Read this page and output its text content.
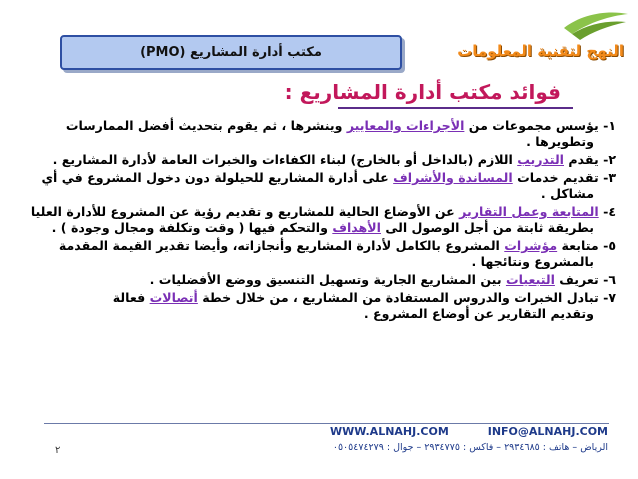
مكتب أدارة المشاريع (PMO)	النهج لتقنية المعلومات
فوائد مكتب أدارة المشاريع :
١- يؤسس مجموعات من الأجراءات والمعايير وينشرها ، ثم يقوم بتحديث أفضل الممارسات
وتطويرها .
٢- يقدم التدريب اللازم (بالداخل أو بالخارج) لبناء الكفاءات والخبرات العامة لأدارة المشاريع .
٣- تقديم خدمات المساندة والأشراف على أدارة المشاريع للحيلولة دون دخول المشروع في أي
مشاكل .
٤- المتابعة وعمل التقارير عن الأوضاع الحالية للمشاريع و تقديم رؤية عن المشروع للأدارة العليا
بطريقة ثابتة من أجل الوصول الى الأهداف والتحكم فيها ( وقت وتكلفة ومجال وجودة ) .
٥- متابعة مؤشرات المشروع بالكامل لأدارة المشاريع وأنجازاته، وأيضا تقدير القيمة المقدمة
بالمشروع ونتائجها .
٦- تعريف التبعيات بين المشاريع الجارية وتسهيل التنسيق ووضع الأفضليات .
٧- تبادل الخبرات والدروس المستفادة من المشاريع ، من خلال خطة أتصالات فعالة
وتقديم التقارير عن أوضاع المشروع .
WWW.ALNAHJ.COM	INFO@ALNAHJ.COM
الرياض – هاتف : ٢٩٣٤٦٨٥ – فاكس : ٢٩٣٤٧٧٥ – جوال : ٠٥٠٥٤٧٤٢٧٩
٢
